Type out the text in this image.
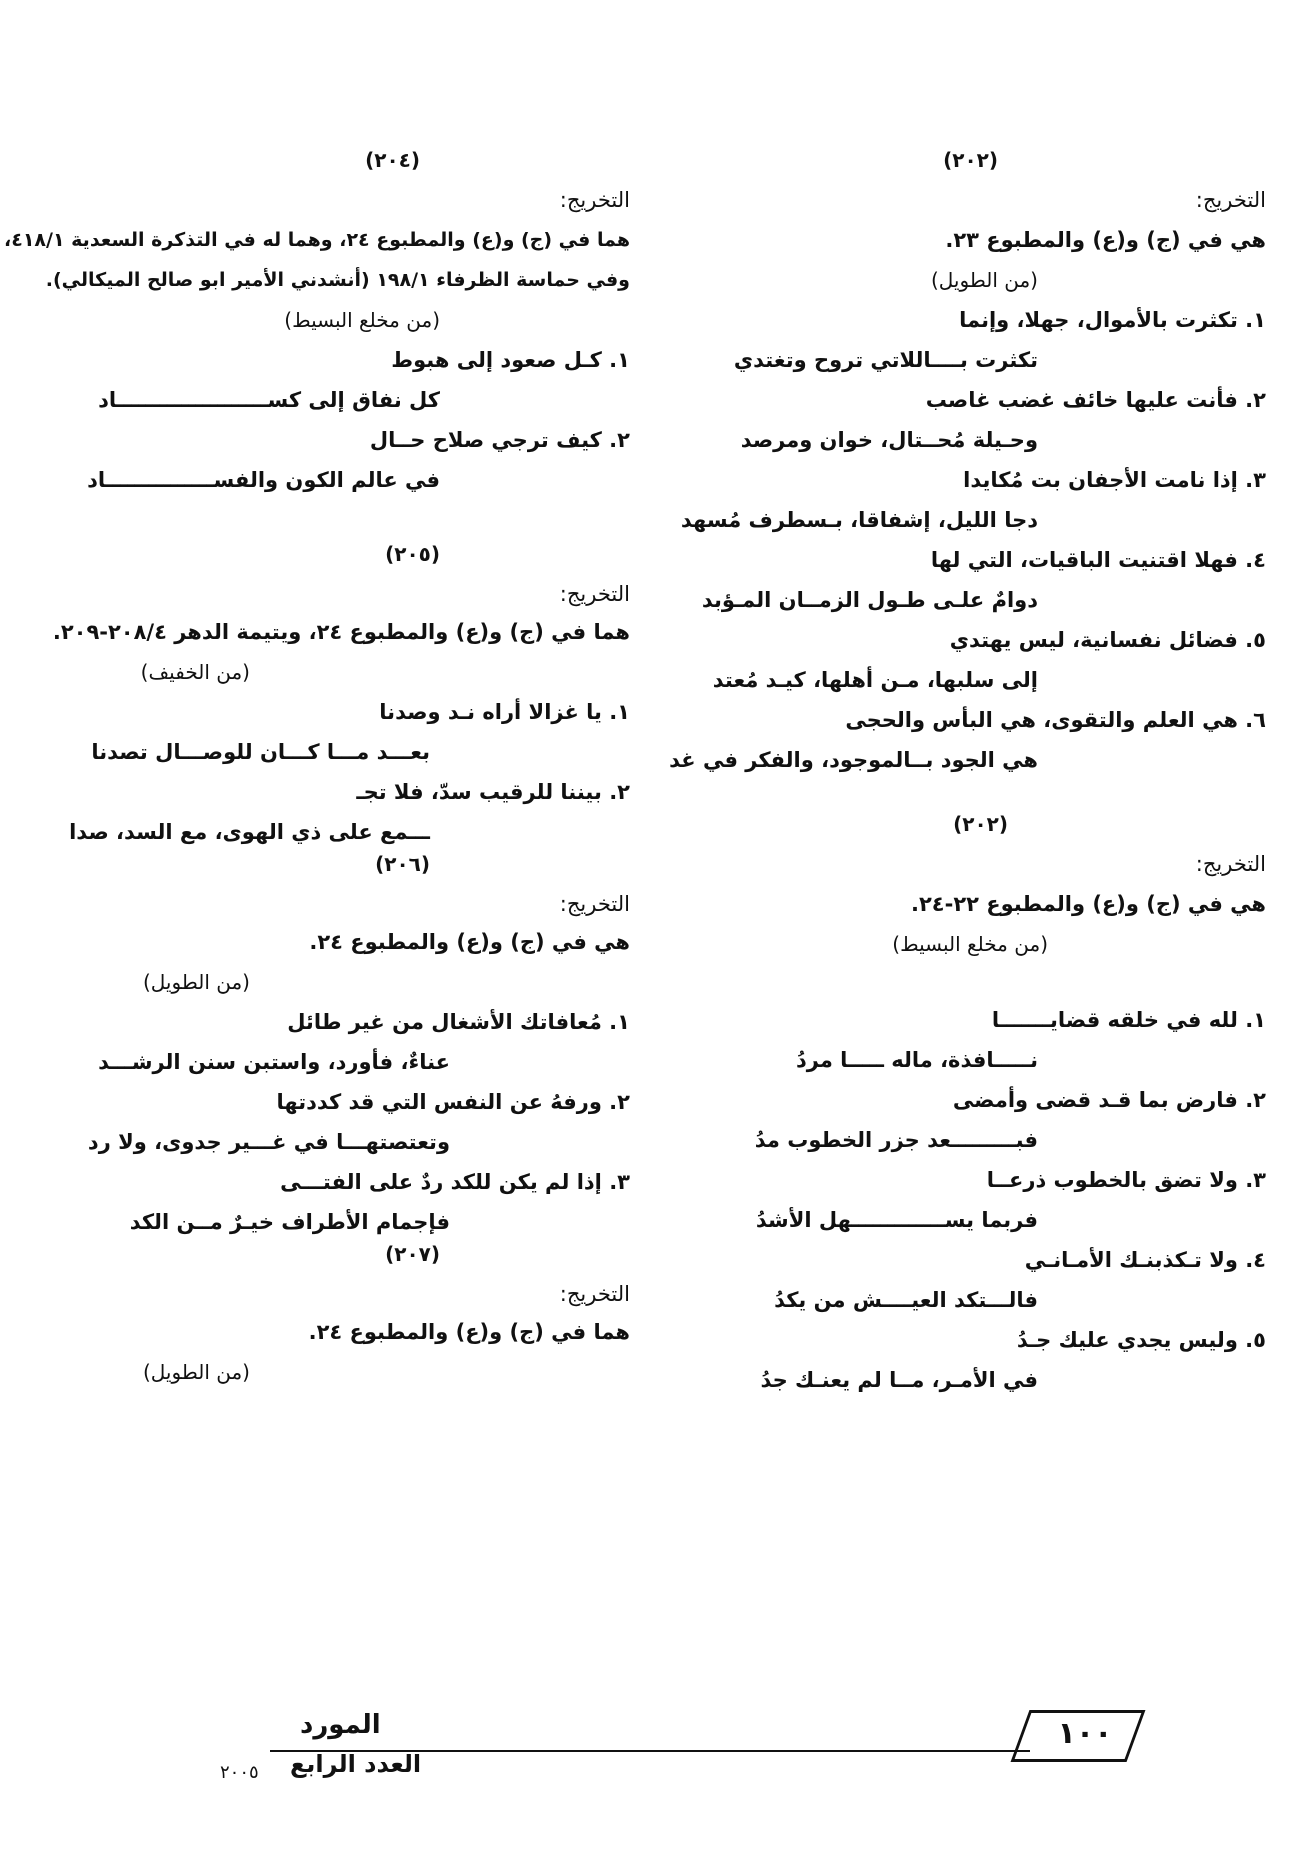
(٢٠٢)
التخريج:
هي في (ج) و(ع) والمطبوع ٢٣.
(من الطويل)
١. تكثرت بالأموال، جهلا، وإنما
تكثرت بــــاللاتي تروح وتغتدي
٢. فأنت عليها خائف غضب غاصب
وحـيلة مُحــتال، خوان ومرصد
٣. إذا نامت الأجفان بت مُكايدا
دجا الليل، إشفاقا، بـسطرف مُسهد
٤. فهلا اقتنيت الباقيات، التي لها
دوامٌ علـى طـول الزمــان المـؤبد
٥. فضائل نفسانية، ليس يهتدي
إلى سلبها، مـن أهلها، كيـد مُعتد
٦. هي العلم والتقوى، هي البأس والحجى
هي الجود بــالموجود، والفكر في غد
(٢٠٢)
التخريج:
هي في (ج) و(ع) والمطبوع ٢٢-٢٤.
(من مخلع البسيط)
١. لله في خلقه قضايـــــــا
نـــــافذة، ماله ـــــا مردُ
٢. فارض بما قـد قضى وأمضى
فبـــــــــعد جزر الخطوب مدُ
٣. ولا تضق بالخطوب ذرعــا
فربما يســـــــــــــهل الأشدُ
٤. ولا تـكذبنـك الأمـانـي
فالـــتكد العيــــش من يكدُ
٥. وليس يجدي عليك جـدُ
في الأمـر، مــا لم يعنـك جدُ
(٢٠٤)
التخريج:
هما في (ج) و(ع) والمطبوع ٢٤، وهما له في التذكرة السعدية ٤١٨/١،
وفي حماسة الظرفاء ١٩٨/١ (أنشدني الأمير ابو صالح الميكالي).
(من مخلع البسيط)
١. كـل صعود إلى هبوط
كل نفاق إلى كســـــــــــــــــــــاد
٢. كيف ترجي صلاح حــال
في عالم الكون والفســـــــــــــــاد
(٢٠٥)
التخريج:
هما في (ج) و(ع) والمطبوع ٢٤، ويتيمة الدهر ٢٠٨/٤-٢٠٩.
(من الخفيف)
١. يا غزالا أراه نـد وصدنا
بعـــد مـــا كـــان للوصـــال تصدنا
٢. بيننا للرقيب سدّ، فلا تجـ
ـــمع على ذي الهوى، مع السد، صدا
(٢٠٦)
التخريج:
هي في (ج) و(ع) والمطبوع ٢٤.
(من الطويل)
١. مُعافاتك الأشغال من غير طائل
عناءٌ، فأورد، واستبن سنن الرشـــد
٢. ورفهُ عن النفس التي قد كددتها
وتعتصتهـــا في غـــير جدوى، ولا رد
٣. إذا لم يكن للكد ردٌ على الفتـــى
فإجمام الأطراف خيـرٌ مــن الكد
(٢٠٧)
التخريج:
هما في (ج) و(ع) والمطبوع ٢٤.
(من الطويل)
١٠٠
المورد
العدد الرابع
٢٠٠٥
